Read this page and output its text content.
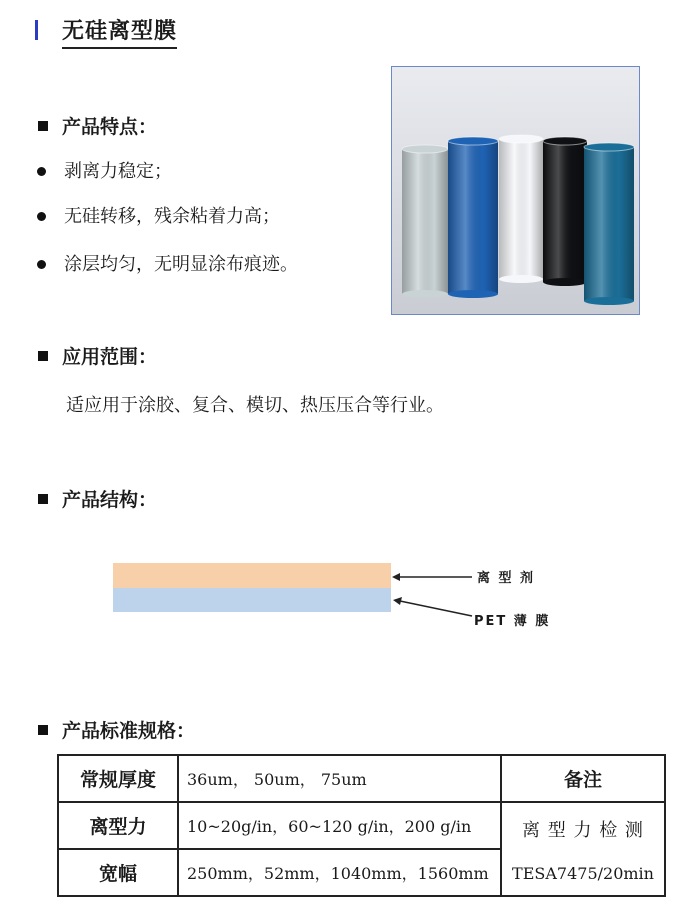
无硅离型膜
产品特点：
剥离力稳定；
无硅转移，残余粘着力高；
涂层均匀，无明显涂布痕迹。
应用范围：
适应用于涂胶、复合、模切、热压压合等行业。
产品结构：
离 型 剂
PET 薄 膜
产品标准规格：
常规厚度	36um， 50um， 75um	备注
离型力	10~20g/in，60~120 g/in，200 g/in	离 型 力 检 测
TESA7475/20min

宽幅	250mm，52mm，1040mm，1560mm	
